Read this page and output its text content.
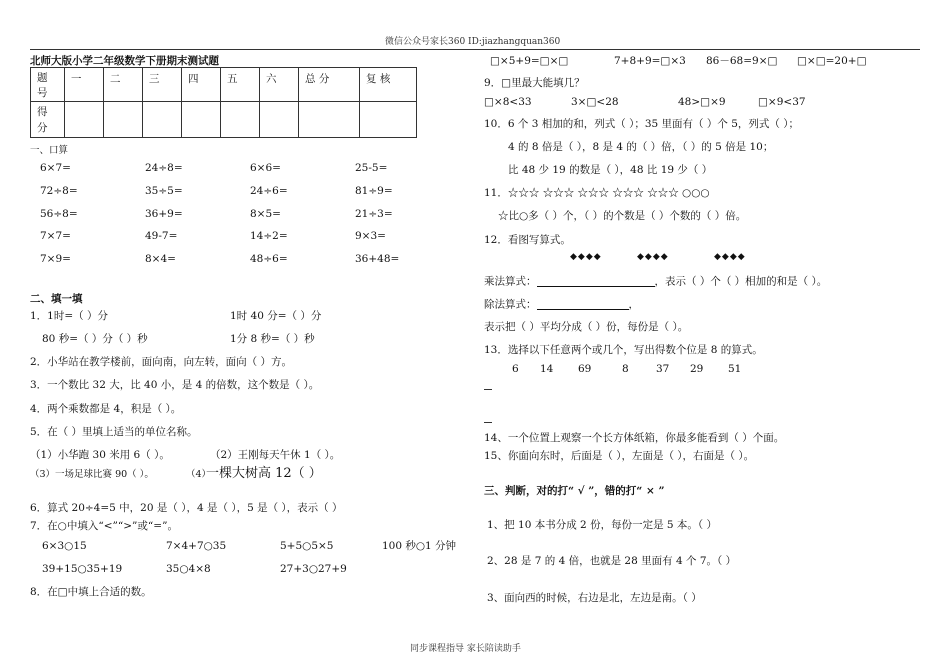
微信公众号家长360 ID:jiazhangquan360
同步课程指导 家长陪读助手
北师大版小学二年级数学下册期末测试题
题
号	一	二	三	四	五	六	总 分	复 核

得
分								

一、口算
6×7=	24÷8=	6×6=	25-5=
72÷8=	35÷5=	24÷6=	81÷9=
56÷8=	36+9=	8×5=	21÷3=
7×7=	49-7=	14÷2=	9×3=
7×9=	8×4=	48÷6=	36+48=
二、填一填
1．1时=（ ）分	1时 40 分=（ ）分
80 秒=（ ）分（ ）秒	1分 8 秒=（ ）秒
2．小华站在教学楼前，面向南，向左转，面向（ ）方。
3．一个数比 32 大，比 40 小，是 4 的倍数，这个数是（ ）。
4．两个乘数都是 4，积是（ ）。
5．在（ ）里填上适当的单位名称。
（1）小华跑 30 米用 6（ ）。	（2）王刚每天午休 1（ ）。
（3）一场足球比赛 90（ ）。	（4）
一棵大树高 12（ ）
6．算式 20÷4=5 中，20 是（ ），4 是（ ），5 是（ ），表示（ ）
7．在○中填入“<”“>”或“=”。
6×3○15	7×4+7○35	5+5○5×5	100 秒○1 分钟
39+15○35+19	35○4×8	27+3○27+9
8．在□中填上合适的数。
□×5+9=□×□	7+8+9=□×3 86－68=9×□ □×□=20+□
9．□里最大能填几？
□×8<33	3×□<28	48>□×9	□×9<37
10．6 个 3 相加的和，列式（ ）；35 里面有（ ）个 5，列式（ ）；
4 的 8 倍是（ ），8 是 4 的（ ）倍，（ ）的 5 倍是 10；
比 48 少 19 的数是（ ），48 比 19 少（ ）
11．☆☆☆ ☆☆☆ ☆☆☆ ☆☆☆ ☆☆☆ ○○○
☆比○多（ ）个，（ ）的个数是（ ）个数的（ ）倍。
12．看图写算式。
◆◆◆◆	◆◆◆◆	◆◆◆◆
乘法算式：	，表示（ ）个（ ）相加的和是（ ）。
除法算式：	，
表示把（ ）平均分成（ ）份，每份是（ ）。
13．选择以下任意两个或几个，写出得数个位是 8 的算式。
6 14 69	8	37 29 51
14、一个位置上观察一个长方体纸箱，你最多能看到（ ）个面。
15、你面向东时，后面是（ ），左面是（ ），右面是（ ）。
三、判断，对的打“ √ ”，错的打“ × ”
1、把 10 本书分成 2 份，每份一定是 5 本。（ ）
2、28 是 7 的 4 倍，也就是 28 里面有 4 个 7。（ ）
3、面向西的时候，右边是北，左边是南。（ ）
